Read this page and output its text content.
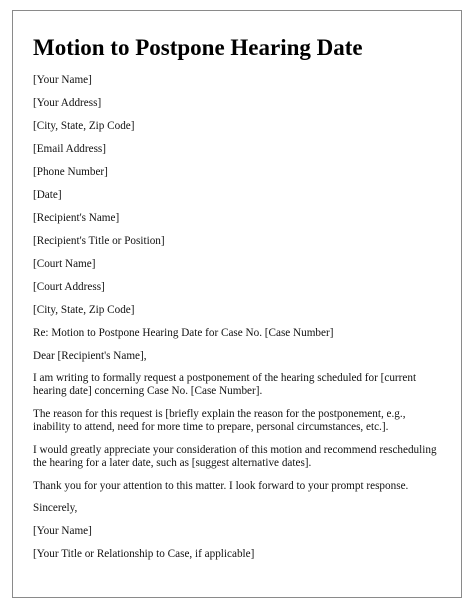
Motion to Postpone Hearing Date

[Your Name]

[Your Address]

[City, State, Zip Code]

[Email Address]

[Phone Number]

[Date]

[Recipient's Name]

[Recipient's Title or Position]

[Court Name]

[Court Address]

[City, State, Zip Code]

Re: Motion to Postpone Hearing Date for Case No. [Case Number]

Dear [Recipient's Name],

I am writing to formally request a postponement of the hearing scheduled for [current hearing date] concerning Case No. [Case Number].

The reason for this request is [briefly explain the reason for the postponement, e.g., inability to attend, need for more time to prepare, personal circumstances, etc.].

I would greatly appreciate your consideration of this motion and recommend rescheduling the hearing for a later date, such as [suggest alternative dates].

Thank you for your attention to this matter. I look forward to your prompt response.

Sincerely,

[Your Name]

[Your Title or Relationship to Case, if applicable]
